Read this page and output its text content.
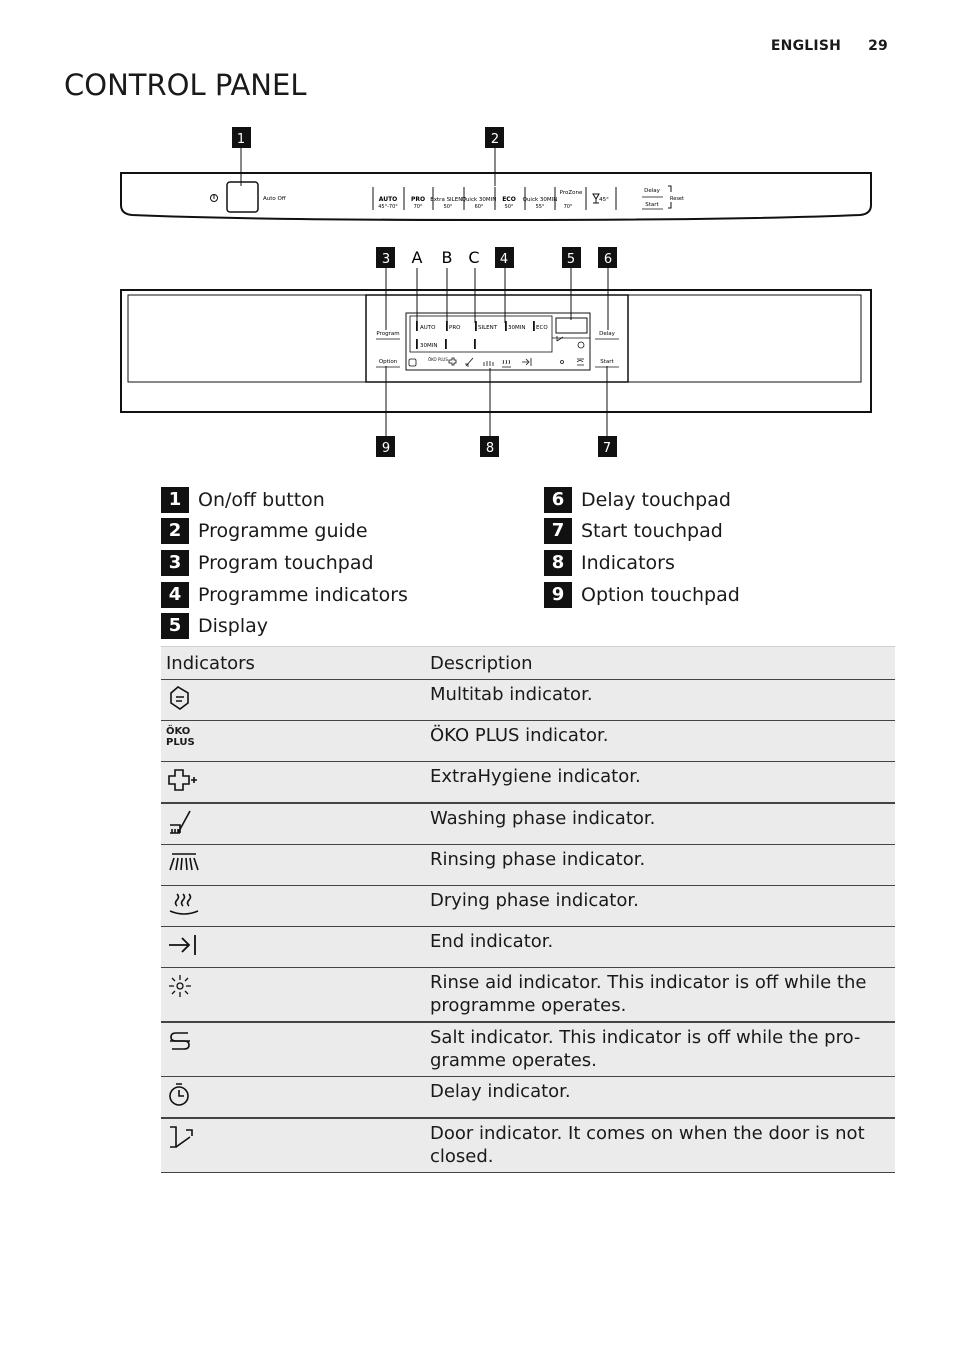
ENGLISH 29
CONTROL PANEL
Auto Off	AUTO
45°-70°
PRO
70°
Extra SILENT
50°
Quick 30MIN
60°
ECO
50°
Quick 30MIN
55°
ProZone
70°
45°
Delay
Start
Reset
1	2
Program
Option
Delay
Start
AUTO PRO	SILENT 30MIN ECO
30MIN
ÖKO PLUS
3 A B C 4	5 6
9	8	7
1 On/off button
2 Programme guide
3 Program touchpad
4 Programme indicators
5 Display
6 Delay touchpad
7 Start touchpad
8 Indicators
9 Option touchpad
Indicators	Description

	Multitab indicator.

ÖKO PLUS	ÖKO PLUS indicator.

	ExtraHygiene indicator.

	Washing phase indicator.

	Rinsing phase indicator.

	Drying phase indicator.

	End indicator.

	Rinse aid indicator. This indicator is off while the programme operates.

	Salt indicator. This indicator is off while the pro-gramme operates.

	Delay indicator.

	Door indicator. It comes on when the door is not closed.
